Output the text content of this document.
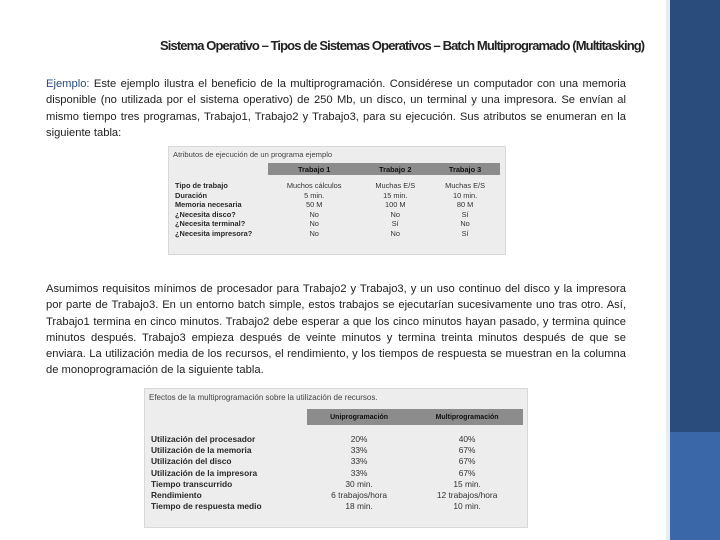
Sistema Operativo – Tipos de Sistemas Operativos – Batch Multiprogramado (Multitasking)

Ejemplo: Este ejemplo ilustra el beneficio de la multiprogramación. Considérese un computador con una memoria disponible (no utilizada por el sistema operativo) de 250 Mb, un disco, un terminal y una impresora. Se envían al mismo tiempo tres programas, Trabajo1, Trabajo2 y Trabajo3, para su ejecución. Sus atributos se enumeran en la siguiente tabla:

Atributos de ejecución de un programa ejemplo
	Trabajo 1	Trabajo 2	Trabajo 3
Tipo de trabajo	Muchos cálculos	Muchas E/S	Muchas E/S
Duración	5 min.	15 min.	10 min.
Memoria necesaria	50 M	100 M	80 M
¿Necesita disco?	No	No	Sí
¿Necesita terminal?	No	Sí	No
¿Necesita impresora?	No	No	Sí

Asumimos requisitos mínimos de procesador para Trabajo2 y Trabajo3, y un uso continuo del disco y la impresora por parte de Trabajo3. En un entorno batch simple, estos trabajos se ejecutarían sucesivamente uno tras otro. Así, Trabajo1 termina en cinco minutos. Trabajo2 debe esperar a que los cinco minutos hayan pasado, y termina quince minutos después. Trabajo3 empieza después de veinte minutos y termina treinta minutos después de que se enviara. La utilización media de los recursos, el rendimiento, y los tiempos de respuesta se muestran en la columna de monoprogramación de la siguiente tabla.

Efectos de la multiprogramación sobre la utilización de recursos.
	Uniprogramación	Multiprogramación
Utilización del procesador	20%	40%
Utilización de la memoria	33%	67%
Utilización del disco	33%	67%
Utilización de la impresora	33%	67%
Tiempo transcurrido	30 min.	15 min.
Rendimiento	6 trabajos/hora	12 trabajos/hora
Tiempo de respuesta medio	18 min.	10 min.
